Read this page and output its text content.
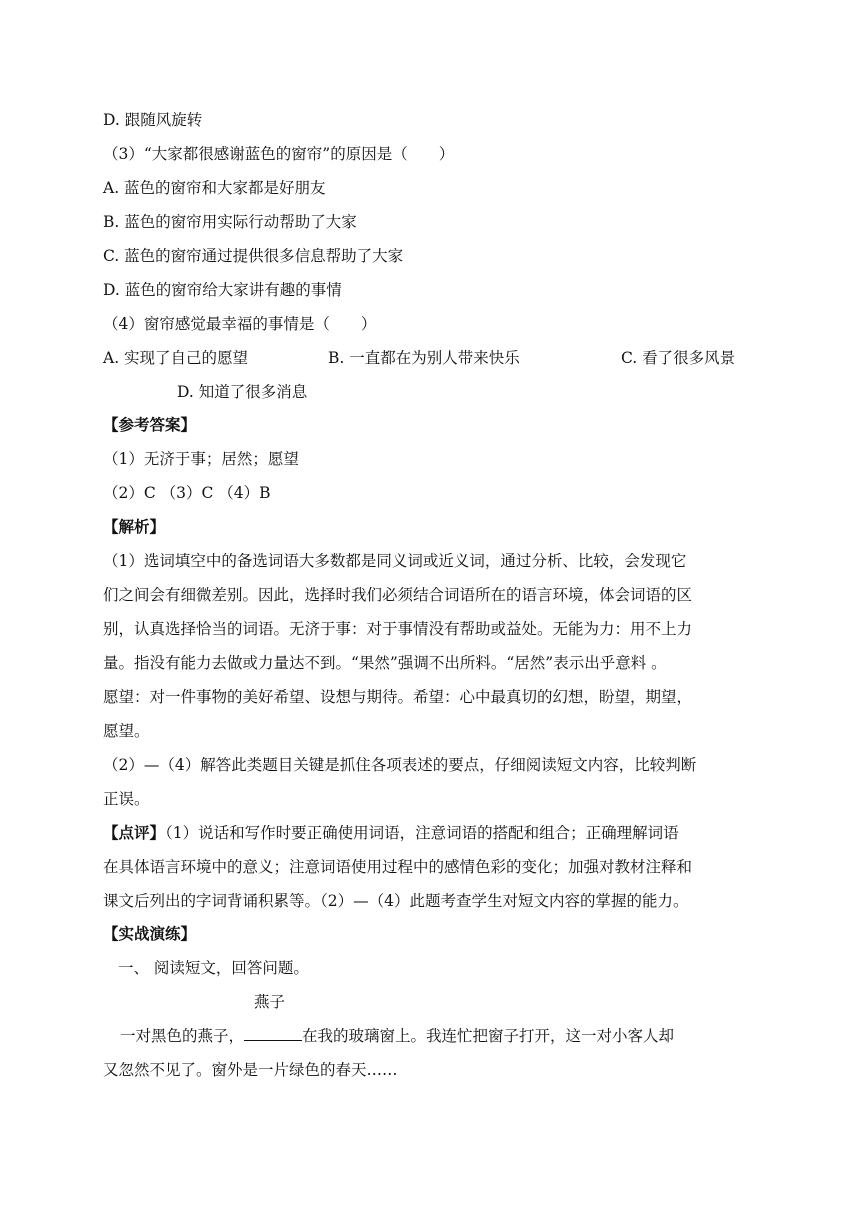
D. 跟随风旋转
（3）“大家都很感谢蓝色的窗帘”的原因是（　　）
A. 蓝色的窗帘和大家都是好朋友
B. 蓝色的窗帘用实际行动帮助了大家
C. 蓝色的窗帘通过提供很多信息帮助了大家
D. 蓝色的窗帘给大家讲有趣的事情
（4）窗帘感觉最幸福的事情是（　　）
A. 实现了自己的愿望	B. 一直都在为别人带来快乐	C. 看了很多风景
D. 知道了很多消息
【参考答案】
（1）无济于事；居然；愿望
（2）C （3）C （4）B
【解析】
（1）选词填空中的备选词语大多数都是同义词或近义词，通过分析、比较，会发现它
们之间会有细微差别。因此，选择时我们必须结合词语所在的语言环境，体会词语的区
别，认真选择恰当的词语。无济于事：对于事情没有帮助或益处。无能为力：用不上力
量。指没有能力去做或力量达不到。“果然”强调不出所料。“居然”表示出乎意料 。
愿望：对一件事物的美好希望、设想与期待。希望：心中最真切的幻想，盼望，期望，
愿望。
（2）—（4）解答此类题目关键是抓住各项表述的要点，仔细阅读短文内容，比较判断
正误。
【点评】（1）说话和写作时要正确使用词语，注意词语的搭配和组合；正确理解词语
在具体语言环境中的意义；注意词语使用过程中的感情色彩的变化；加强对教材注释和
课文后列出的字词背诵积累等。（2）—（4）此题考查学生对短文内容的掌握的能力。
【实战演练】
一、 阅读短文，回答问题。
燕子
一对黑色的燕子，	在我的玻璃窗上。我连忙把窗子打开，这一对小客人却
又忽然不见了。窗外是一片绿色的春天……
